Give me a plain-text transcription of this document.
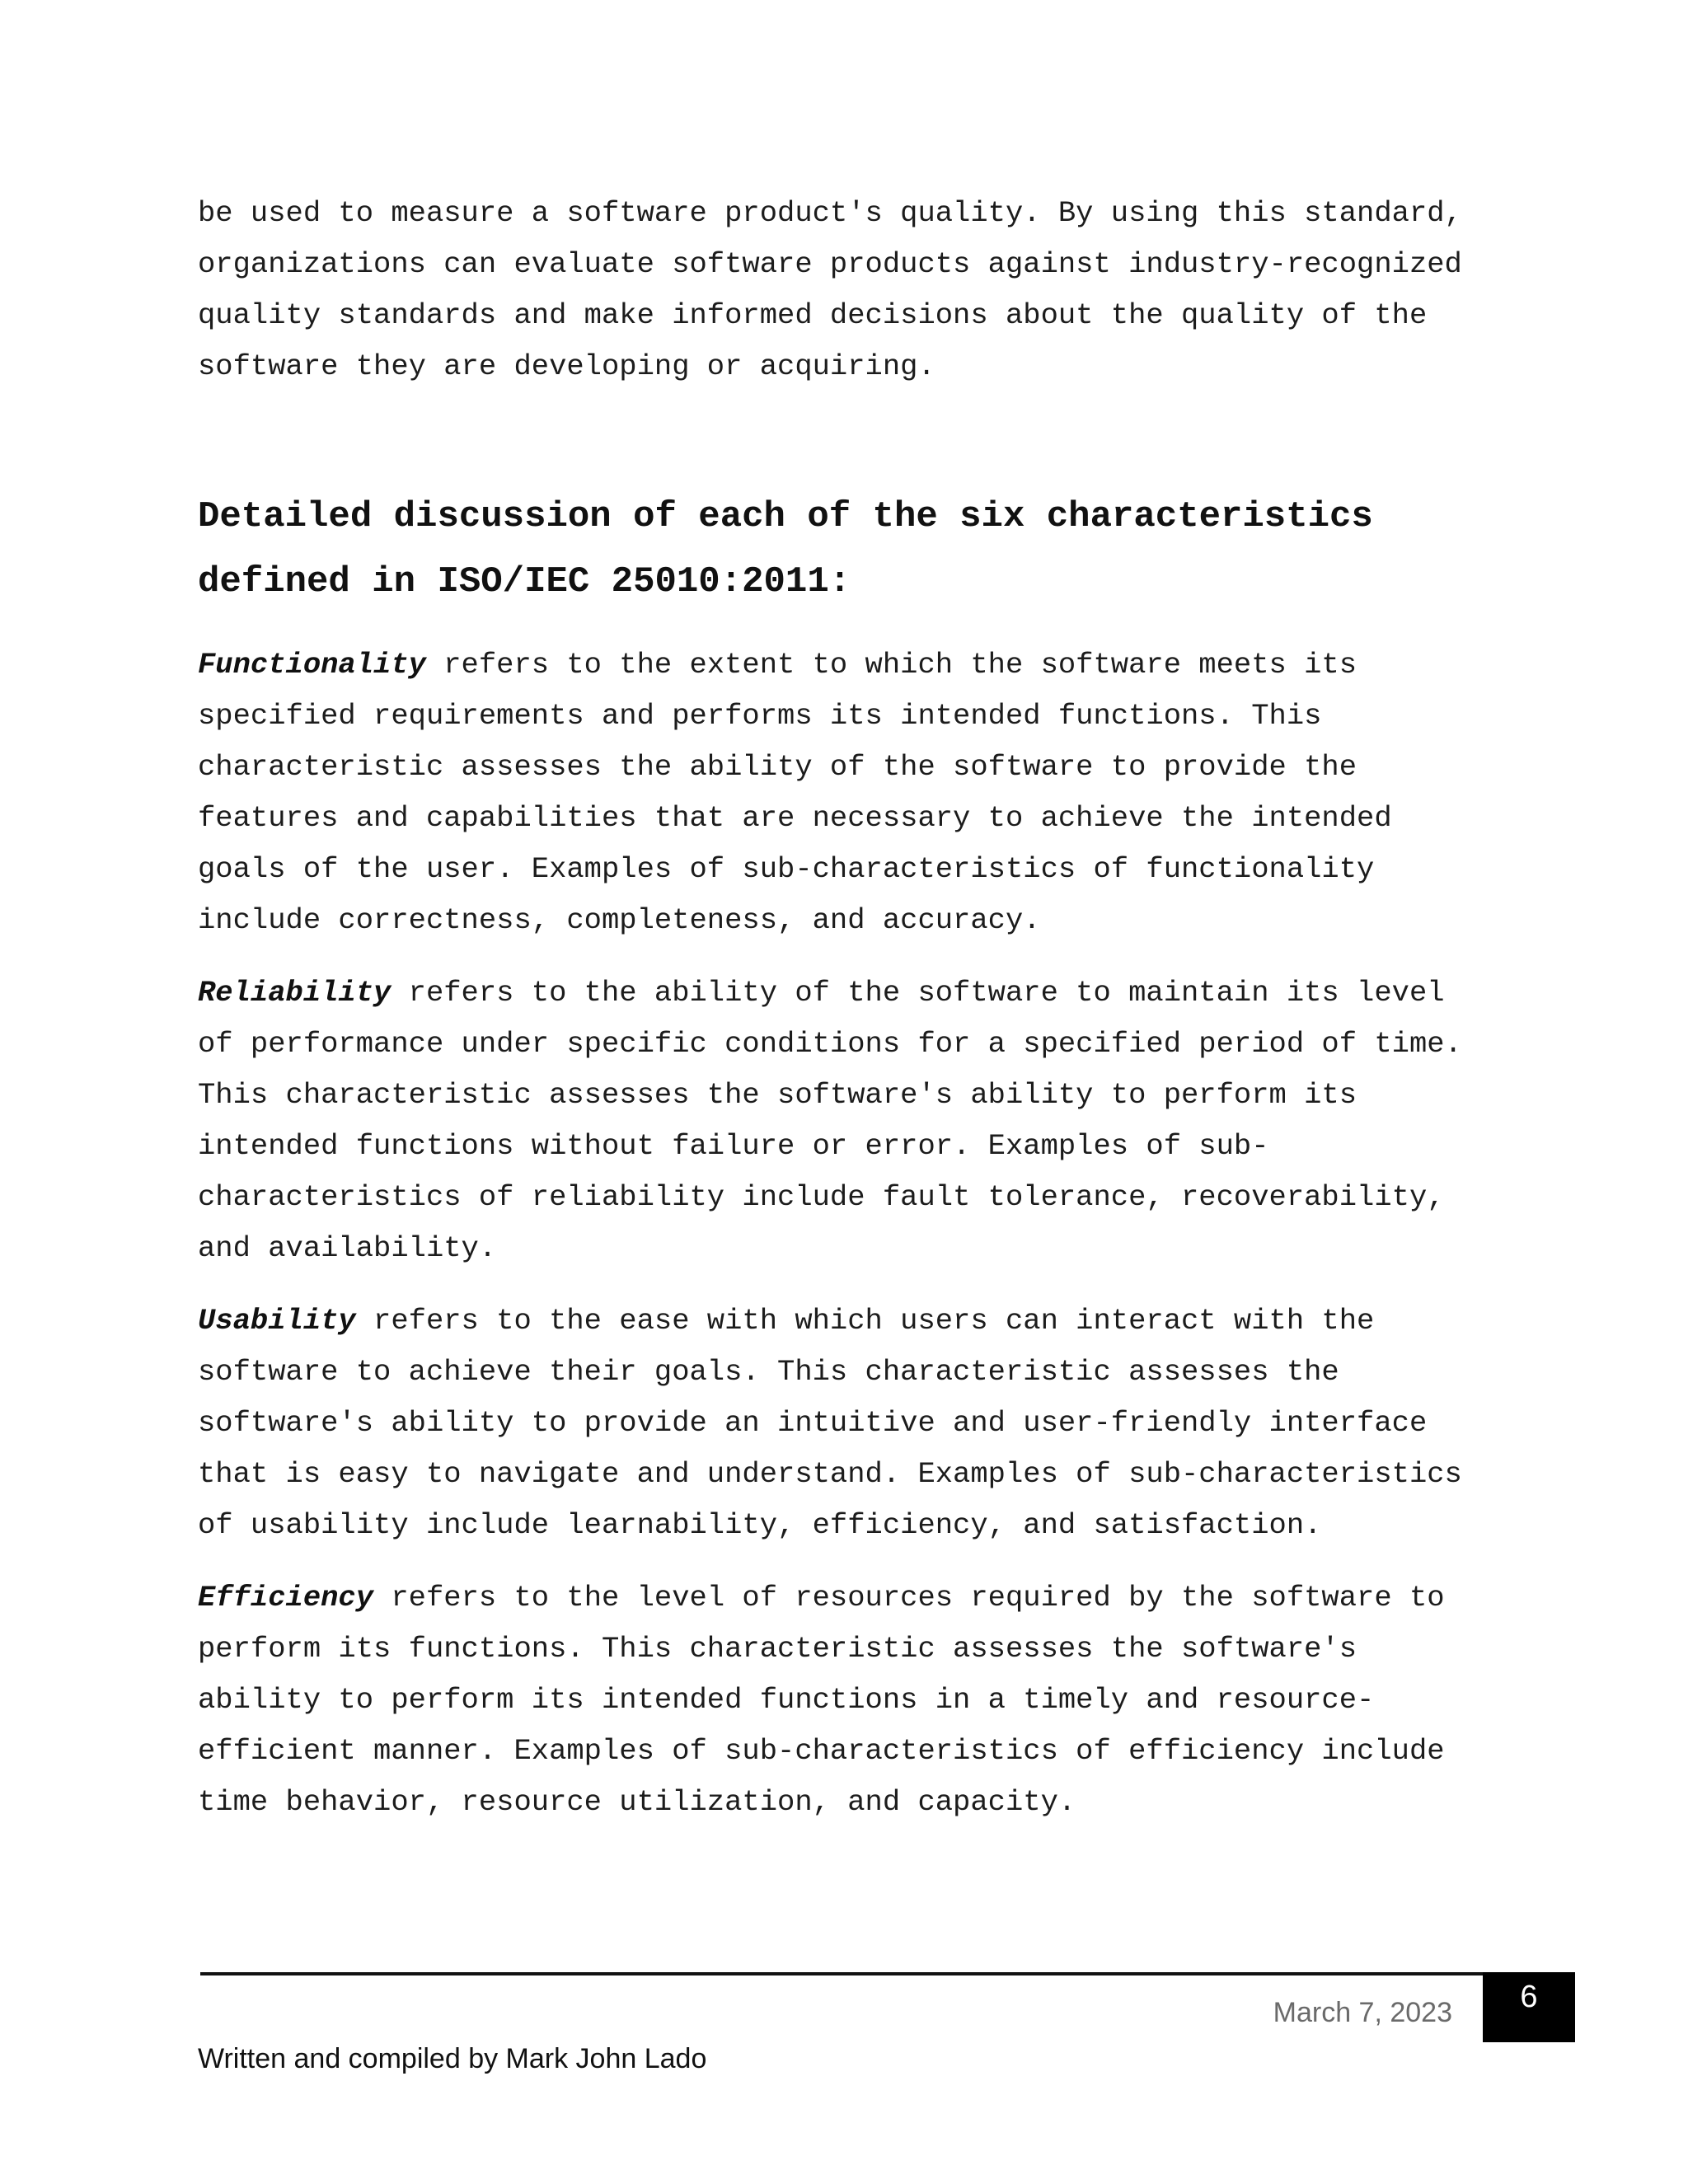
be used to measure a software product's quality. By using this standard, organizations can evaluate software products against industry-recognized quality standards and make informed decisions about the quality of the software they are developing or acquiring.

Detailed discussion of each of the six characteristics defined in ISO/IEC 25010:2011:

Functionality refers to the extent to which the software meets its specified requirements and performs its intended functions. This characteristic assesses the ability of the software to provide the features and capabilities that are necessary to achieve the intended goals of the user. Examples of sub-characteristics of functionality include correctness, completeness, and accuracy.

Reliability refers to the ability of the software to maintain its level of performance under specific conditions for a specified period of time. This characteristic assesses the software's ability to perform its intended functions without failure or error. Examples of sub-characteristics of reliability include fault tolerance, recoverability, and availability.

Usability refers to the ease with which users can interact with the software to achieve their goals. This characteristic assesses the software's ability to provide an intuitive and user-friendly interface that is easy to navigate and understand. Examples of sub-characteristics of usability include learnability, efficiency, and satisfaction.

Efficiency refers to the level of resources required by the software to perform its functions. This characteristic assesses the software's ability to perform its intended functions in a timely and resource-efficient manner. Examples of sub-characteristics of efficiency include time behavior, resource utilization, and capacity.

March 7, 2023	6
Written and compiled by Mark John Lado
